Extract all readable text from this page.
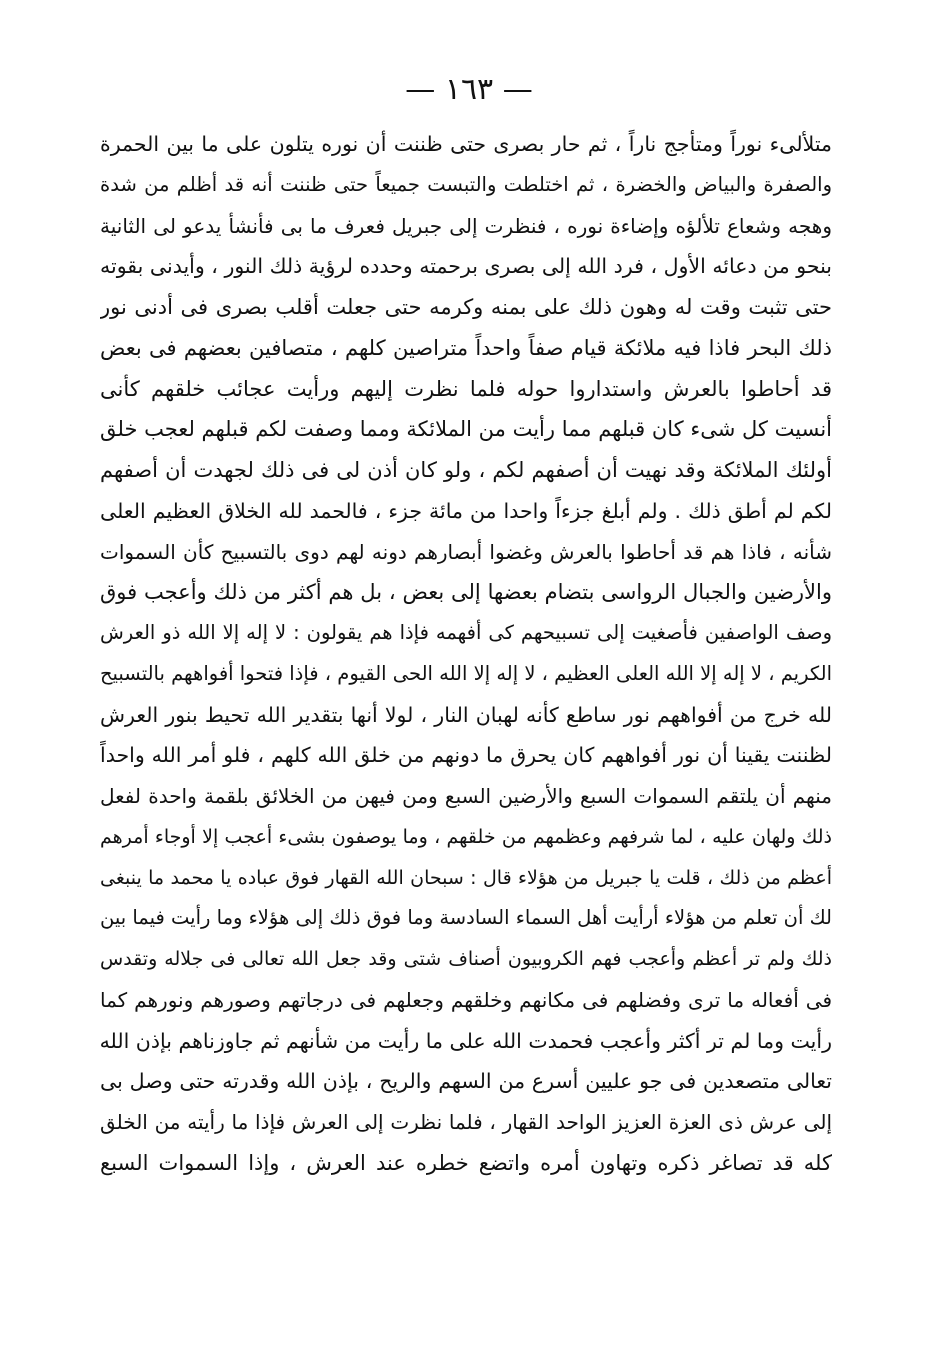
— ١٦٣ —
متلألىء نوراً ومتأجج ناراً ، ثم حار بصرى حتى ظننت أن نوره يتلون على ما بين الحمرة
والصفرة والبياض والخضرة ، ثم اختلطت والتبست جميعاً حتى ظننت أنه قد أظلم من شدة
وهجه وشعاع تلألؤه وإضاءة نوره ، فنظرت إلى جبريل فعرف ما بى فأنشأ يدعو لى الثانية
بنحو من دعائه الأول ، فرد الله إلى بصرى برحمته وحدده لرؤية ذلك النور ، وأيدنى بقوته
حتى تثبت وقت له وهون ذلك على بمنه وكرمه حتى جعلت أقلب بصرى فى أدنى نور
ذلك البحر فاذا فيه ملائكة قيام صفاً واحداً متراصين كلهم ، متصافين بعضهم فى بعض
قد أحاطوا بالعرش واستداروا حوله فلما نظرت إليهم ورأيت عجائب خلقهم كأنى
أنسيت كل شىء كان قبلهم مما رأيت من الملائكة ومما وصفت لكم قبلهم لعجب خلق
أولئك الملائكة وقد نهيت أن أصفهم لكم ، ولو كان أذن لى فى ذلك لجهدت أن أصفهم
لكم لم أطق ذلك . ولم أبلغ جزءاً واحدا من مائة جزء ، فالحمد لله الخلاق العظيم العلى
شأنه ، فاذا هم قد أحاطوا بالعرش وغضوا أبصارهم دونه لهم دوى بالتسبيح كأن السموات
والأرضين والجبال الرواسى بتضام بعضها إلى بعض ، بل هم أكثر من ذلك وأعجب فوق
وصف الواصفين فأصغيت إلى تسبيحهم كى أفهمه فإذا هم يقولون : لا إله إلا الله ذو العرش
الكريم ، لا إله إلا الله العلى العظيم ، لا إله إلا الله الحى القيوم ، فإذا فتحوا أفواههم بالتسبيح
لله خرج من أفواههم نور ساطع كأنه لهبان النار ، لولا أنها بتقدير الله تحيط بنور العرش
لظننت يقينا أن نور أفواههم كان يحرق ما دونهم من خلق الله كلهم ، فلو أمر الله واحداً
منهم أن يلتقم السموات السبع والأرضين السبع ومن فيهن من الخلائق بلقمة واحدة لفعل
ذلك ولهان عليه ، لما شرفهم وعظمهم من خلقهم ، وما يوصفون بشىء أعجب إلا أوجاء أمرهم
أعظم من ذلك ، قلت يا جبريل من هؤلاء قال : سبحان الله القهار فوق عباده يا محمد ما ينبغى
لك أن تعلم من هؤلاء أرأيت أهل السماء السادسة وما فوق ذلك إلى هؤلاء وما رأيت فيما بين
ذلك ولم تر أعظم وأعجب فهم الكروبيون أصناف شتى وقد جعل الله تعالى فى جلاله وتقدس
فى أفعاله ما ترى وفضلهم فى مكانهم وخلقهم وجعلهم فى درجاتهم وصورهم ونورهم كما
رأيت وما لم تر أكثر وأعجب فحمدت الله على ما رأيت من شأنهم ثم جاوزناهم بإذن الله
تعالى متصعدين فى جو عليين أسرع من السهم والريح ، بإذن الله وقدرته حتى وصل بى
إلى عرش ذى العزة العزيز الواحد القهار ، فلما نظرت إلى العرش فإذا ما رأيته من الخلق
كله قد تصاغر ذكره وتهاون أمره واتضع خطره عند العرش ، وإذا السموات السبع
